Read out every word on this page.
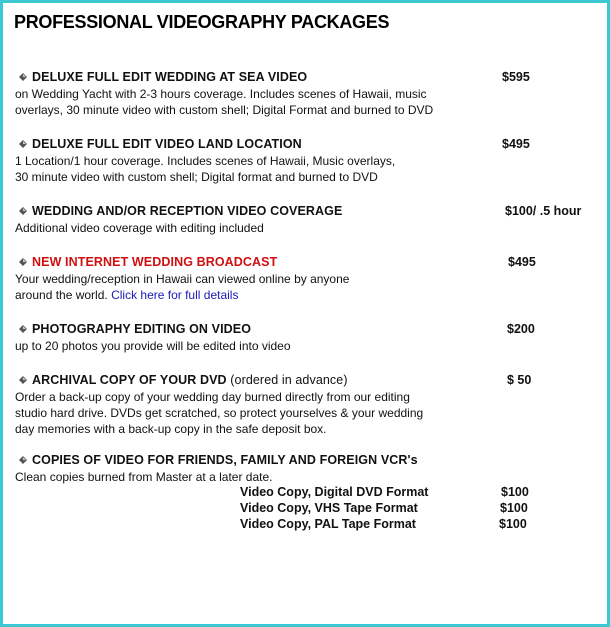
PROFESSIONAL VIDEOGRAPHY PACKAGES
DELUXE FULL EDIT WEDDING AT SEA VIDEO	$595

on Wedding Yacht with 2-3 hours coverage. Includes scenes of Hawaii, music
overlays, 30 minute video with custom shell; Digital Format and burned to DVD

DELUXE FULL EDIT VIDEO LAND LOCATION	$495

1 Location/1 hour coverage. Includes scenes of Hawaii, Music overlays,
30 minute video with custom shell; Digital format and burned to DVD

WEDDING AND/OR RECEPTION VIDEO COVERAGE	$100/ .5 hour

Additional video coverage with editing included

NEW INTERNET WEDDING BROADCAST	$495

Your wedding/reception in Hawaii can viewed online by anyone
around the world. Click here for full details

PHOTOGRAPHY EDITING ON VIDEO	$200

up to 20 photos you provide will be edited into video

ARCHIVAL COPY OF YOUR DVD (ordered in advance)	$ 50

Order a back-up copy of your wedding day burned directly from our editing
studio hard drive. DVDs get scratched, so protect yourselves & your wedding
day memories with a back-up copy in the safe deposit box.

COPIES OF VIDEO FOR FRIENDS, FAMILY AND FOREIGN VCR's

Clean copies burned from Master at a later date.

Video Copy, Digital DVD Format	$100
Video Copy, VHS Tape Format	$100
Video Copy, PAL Tape Format	$100
